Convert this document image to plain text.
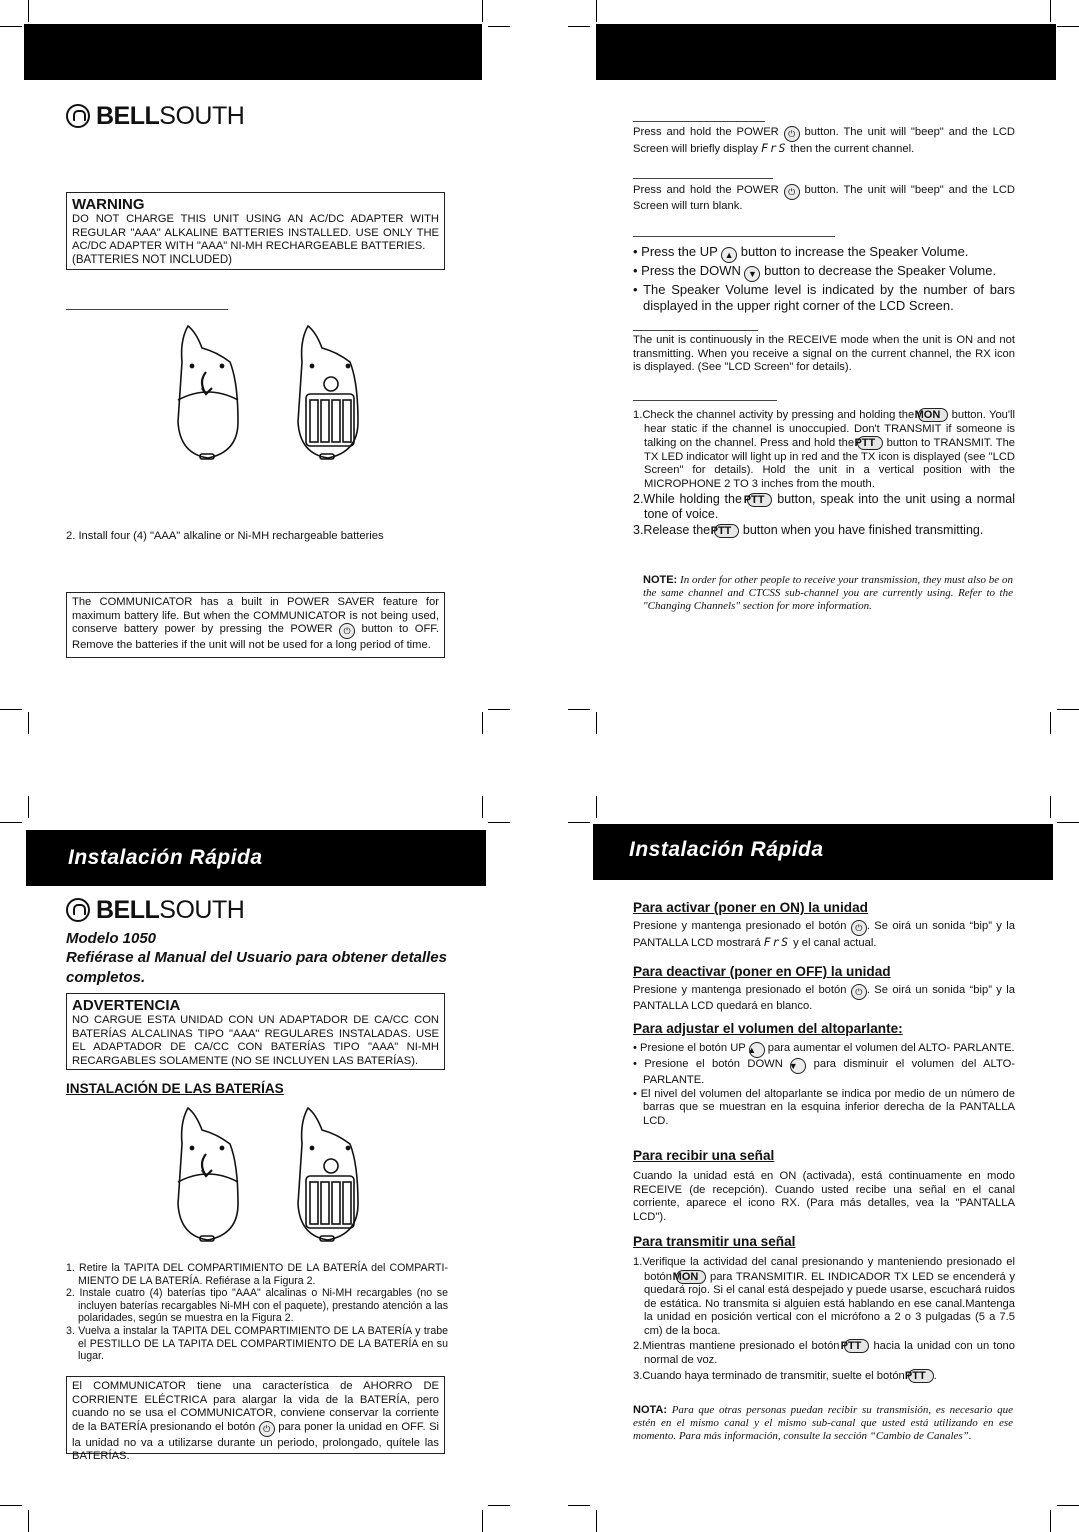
BELL SOUTH
WARNING
DO NOT CHARGE THIS UNIT USING AN AC/DC ADAPTER WITH REGULAR "AAA" ALKALINE BATTERIES INSTALLED. USE ONLY THE AC/DC ADAPTER WITH "AAA" NI-MH RECHARGEABLE BATTERIES.
(BATTERIES NOT INCLUDED)
2. Install four (4) "AAA" alkaline or Ni-MH rechargeable batteries
The COMMUNICATOR has a built in POWER SAVER feature for maximum battery life. But when the COMMUNICATOR is not being used, conserve battery power by pressing the POWER ⏻ button to OFF. Remove the batteries if the unit will not be used for a long period of time.
Press and hold the POWER ⏻ button. The unit will "beep" and the LCD Screen will briefly display FrS then the current channel.
Press and hold the POWER ⏻ button. The unit will "beep" and the LCD Screen will turn blank.
• Press the UP ▲ button to increase the Speaker Volume.
• Press the DOWN ▼ button to decrease the Speaker Volume.
• The Speaker Volume level is indicated by the number of bars displayed in the upper right corner of the LCD Screen.
The unit is continuously in the RECEIVE mode when the unit is ON and not transmitting. When you receive a signal on the current channel, the RX icon is displayed. (See "LCD Screen" for details).
1.Check the channel activity by pressing and holding the MON button. You'll hear static if the channel is unoccupied. Don't TRANSMIT if someone is talking on the channel. Press and hold the PTT button to TRANSMIT. The TX LED indicator will light up in red and the TX icon is displayed (see "LCD Screen" for details). Hold the unit in a vertical position with the MICROPHONE 2 TO 3 inches from the mouth.
2.While holding the PTT button, speak into the unit using a normal tone of voice.
3.Release the PTT button when you have finished transmitting.
NOTE: In order for other people to receive your transmission, they must also be on the same channel and CTCSS sub-channel you are currently using. Refer to the "Changing Channels" section for more information.
Instalación Rápida
BELL SOUTH
Modelo 1050
Refiérase al Manual del Usuario para obtener detalles completos.
ADVERTENCIA
NO CARGUE ESTA UNIDAD CON UN ADAPTADOR DE CA/CC CON BATERÍAS ALCALINAS TIPO "AAA" REGULARES INSTALADAS. USE EL ADAPTADOR DE CA/CC CON BATERÍAS TIPO "AAA" NI-MH RECARGABLES SOLAMENTE (NO SE INCLUYEN LAS BATERÍAS).
INSTALACIÓN DE LAS BATERÍAS
1. Retire la TAPITA DEL COMPARTIMIENTO DE LA BATERÍA del COMPARTI- MIENTO DE LA BATERÍA. Refiérase a la Figura 2.
2. Instale cuatro (4) baterías tipo "AAA" alcalinas o Ni-MH recargables (no se incluyen baterías recargables Ni-MH con el paquete), prestando atención a las polaridades, según se muestra en la Figura 2.
3. Vuelva a instalar la TAPITA DEL COMPARTIMIENTO DE LA BATERÍA y trabe el PESTILLO DE LA TAPITA DEL COMPARTIMIENTO DE LA BATERÍA en su lugar.
El COMMUNICATOR tiene una característica de AHORRO DE CORRIENTE ELÉCTRICA para alargar la vida de la BATERÍA, pero cuando no se usa el COMMUNICATOR, conviene conservar la corriente de la BATERÍA presionando el botón ⏻ para poner la unidad en OFF. Si la unidad no va a utilizarse durante un periodo, prolongado, quítele las BATERÍAS.
Instalación Rápida
Para activar (poner en ON) la unidad
Presione y mantenga presionado el botón ⏻ . Se oirá un sonida “bip” y la PANTALLA LCD mostrará FrS y el canal actual.
Para deactivar (poner en OFF) la unidad
Presione y mantenga presionado el botón ⏻ . Se oirá un sonida “bip” y la PANTALLA LCD quedará en blanco.
Para adjustar el volumen del altoparlante:
• Presione el botón UP ▲ para aumentar el volumen del ALTO- PARLANTE.
• Presione el botón DOWN ▼ para disminuir el volumen del ALTO- PARLANTE.
• El nivel del volumen del altoparlante se indica por medio de un número de barras que se muestran en la esquina inferior derecha de la PANTALLA LCD.
Para recibir una señal
Cuando la unidad está en ON (activada), está continuamente en modo RECEIVE (de recepción). Cuando usted recibe una señal en el canal corriente, aparece el icono RX. (Para más detalles, vea la "PANTALLA LCD").
Para transmitir una señal
1.Verifique la actividad del canal presionando y manteniendo presionado el botón MON para TRANSMITIR. EL INDICADOR TX LED se encenderá y quedará rojo. Si el canal está despejado y puede usarse, escuchará ruidos de estática. No transmita si alguien está hablando en ese canal.Mantenga la unidad en posición vertical con el micrófono a 2 o 3 pulgadas (5 a 7.5 cm) de la boca.
2.Mientras mantiene presionado el botón PTT hacia la unidad con un tono normal de voz.
3.Cuando haya terminado de transmitir, suelte el botón PTT .
NOTA: Para que otras personas puedan recibir su transmisión, es necesario que estén en el mismo canal y el mismo sub-canal que usted está utilizando en ese momento. Para más información, consulte la sección “Cambio de Canales”.
